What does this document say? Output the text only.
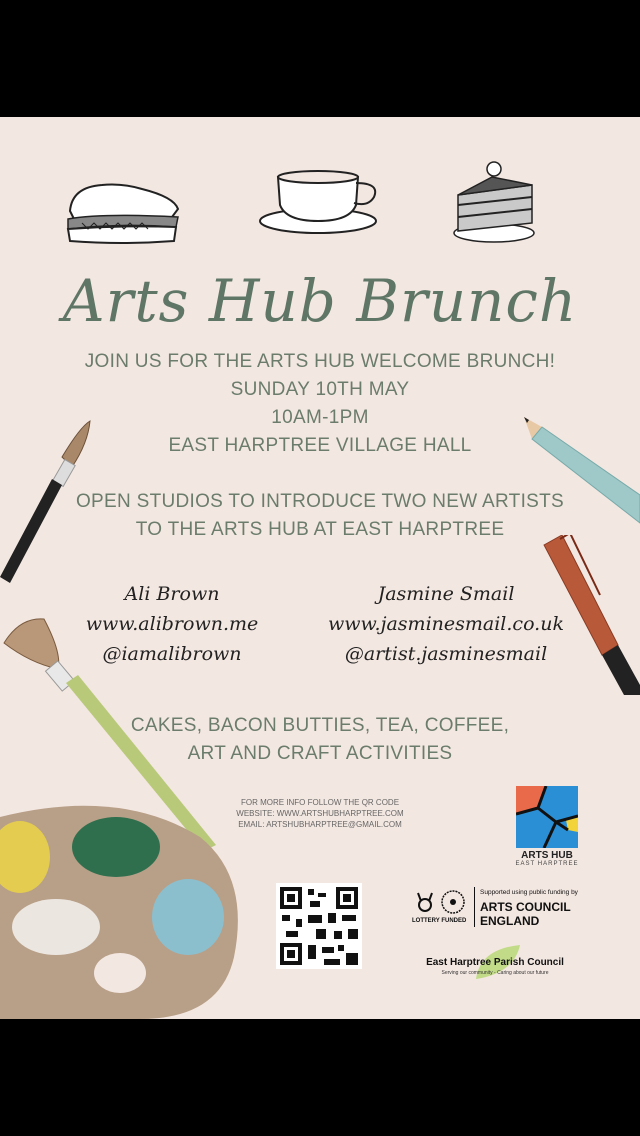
Arts Hub Brunch
JOIN US FOR THE ARTS HUB WELCOME BRUNCH!
SUNDAY 10TH MAY
10AM-1PM
EAST HARPTREE VILLAGE HALL
OPEN STUDIOS TO INTRODUCE TWO NEW ARTISTS
TO THE ARTS HUB AT EAST HARPTREE
Ali Brown
www.alibrown.me
@iamalibrown
Jasmine Smail
www.jasminesmail.co.uk
@artist.jasminesmail
CAKES, BACON BUTTIES, TEA, COFFEE,
ART AND CRAFT ACTIVITIES
FOR MORE INFO FOLLOW THE QR CODE
WEBSITE: WWW.ARTSHUBHARPTREE.COM
EMAIL: ARTSHUBHARPTREE@GMAIL.COM
ARTS HUB
EAST HARPTREE
LOTTERY FUNDED
Supported using public funding by
ARTS COUNCIL
ENGLAND
East Harptree Parish Council
Serving our community - Caring about our future
